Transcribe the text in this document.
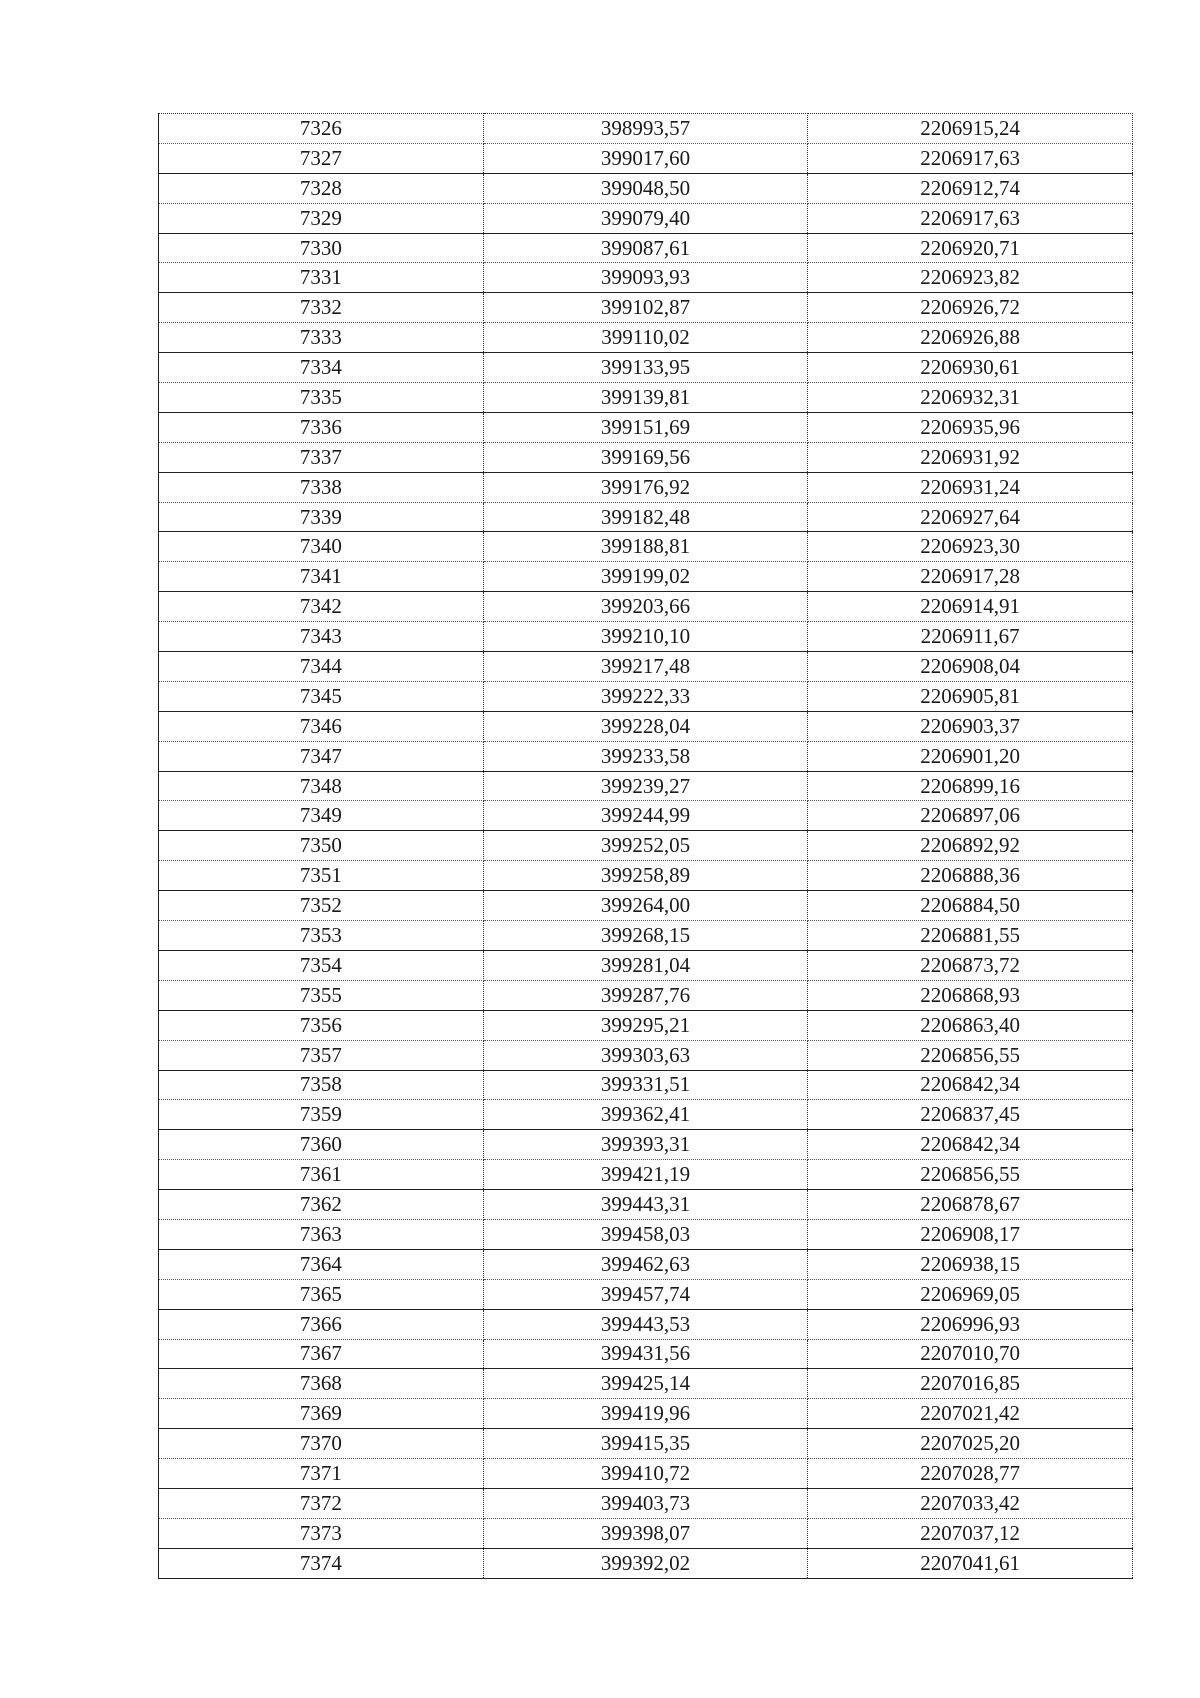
7326	398993,57	2206915,24
7327	399017,60	2206917,63
7328	399048,50	2206912,74
7329	399079,40	2206917,63
7330	399087,61	2206920,71
7331	399093,93	2206923,82
7332	399102,87	2206926,72
7333	399110,02	2206926,88
7334	399133,95	2206930,61
7335	399139,81	2206932,31
7336	399151,69	2206935,96
7337	399169,56	2206931,92
7338	399176,92	2206931,24
7339	399182,48	2206927,64
7340	399188,81	2206923,30
7341	399199,02	2206917,28
7342	399203,66	2206914,91
7343	399210,10	2206911,67
7344	399217,48	2206908,04
7345	399222,33	2206905,81
7346	399228,04	2206903,37
7347	399233,58	2206901,20
7348	399239,27	2206899,16
7349	399244,99	2206897,06
7350	399252,05	2206892,92
7351	399258,89	2206888,36
7352	399264,00	2206884,50
7353	399268,15	2206881,55
7354	399281,04	2206873,72
7355	399287,76	2206868,93
7356	399295,21	2206863,40
7357	399303,63	2206856,55
7358	399331,51	2206842,34
7359	399362,41	2206837,45
7360	399393,31	2206842,34
7361	399421,19	2206856,55
7362	399443,31	2206878,67
7363	399458,03	2206908,17
7364	399462,63	2206938,15
7365	399457,74	2206969,05
7366	399443,53	2206996,93
7367	399431,56	2207010,70
7368	399425,14	2207016,85
7369	399419,96	2207021,42
7370	399415,35	2207025,20
7371	399410,72	2207028,77
7372	399403,73	2207033,42
7373	399398,07	2207037,12
7374	399392,02	2207041,61
